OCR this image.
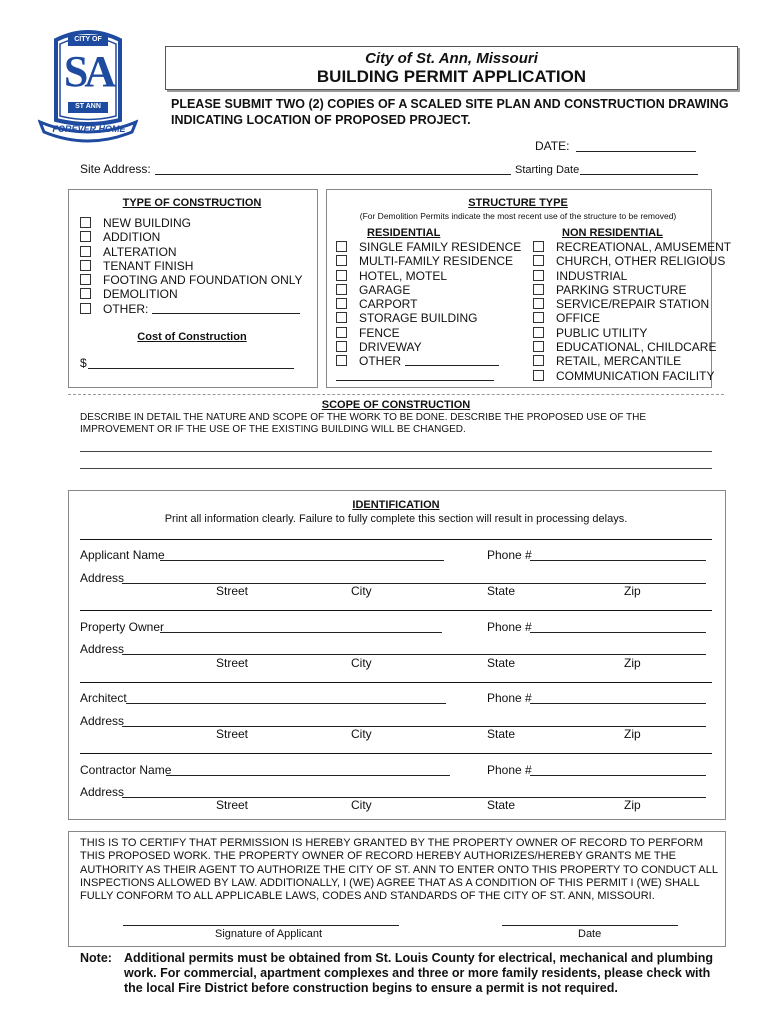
CITY OF
SA
ST ANN
FOREVER HOME
City of St. Ann, Missouri
BUILDING PERMIT APPLICATION
PLEASE SUBMIT TWO (2) COPIES OF A SCALED SITE PLAN AND CONSTRUCTION DRAWING INDICATING LOCATION OF PROPOSED PROJECT.
DATE:
Site Address:	Starting Date
TYPE OF CONSTRUCTION
NEW BUILDING
ADDITION
ALTERATION
TENANT FINISH
FOOTING AND FOUNDATION ONLY
DEMOLITION
OTHER:
Cost of Construction
$
STRUCTURE TYPE
(For Demolition Permits indicate the most recent use of the structure to be removed)
RESIDENTIAL	NON RESIDENTIAL
SINGLE FAMILY RESIDENCE
MULTI-FAMILY RESIDENCE
HOTEL, MOTEL
GARAGE
CARPORT
STORAGE BUILDING
FENCE
DRIVEWAY
OTHER
RECREATIONAL, AMUSEMENT
CHURCH, OTHER RELIGIOUS
INDUSTRIAL
PARKING STRUCTURE
SERVICE/REPAIR STATION
OFFICE
PUBLIC UTILITY
EDUCATIONAL, CHILDCARE
RETAIL, MERCANTILE
COMMUNICATION FACILITY
SCOPE OF CONSTRUCTION
DESCRIBE IN DETAIL THE NATURE AND SCOPE OF THE WORK TO BE DONE. DESCRIBE THE PROPOSED USE OF THE IMPROVEMENT OR IF THE USE OF THE EXISTING BUILDING WILL BE CHANGED.
IDENTIFICATION
Print all information clearly. Failure to fully complete this section will result in processing delays.
Applicant Name	Phone #
Address
Street	City	State	Zip
Property Owner	Phone #
Address
Street	City	State	Zip
Architect	Phone #
Address
Street	City	State	Zip
Contractor Name	Phone #
Address
Street	City	State	Zip
THIS IS TO CERTIFY THAT PERMISSION IS HEREBY GRANTED BY THE PROPERTY OWNER OF RECORD TO PERFORM THIS PROPOSED WORK. THE PROPERTY OWNER OF RECORD HEREBY AUTHORIZES/HEREBY GRANTS ME THE AUTHORITY AS THEIR AGENT TO AUTHORIZE THE CITY OF ST. ANN TO ENTER ONTO THIS PROPERTY TO CONDUCT ALL INSPECTIONS ALLOWED BY LAW. ADDITIONALLY, I (WE) AGREE THAT AS A CONDITION OF THIS PERMIT I (WE) SHALL FULLY CONFORM TO ALL APPLICABLE LAWS, CODES AND STANDARDS OF THE CITY OF ST. ANN, MISSOURI.
Signature of Applicant	Date
Note: Additional permits must be obtained from St. Louis County for electrical, mechanical and plumbing work. For commercial, apartment complexes and three or more family residents, please check with the local Fire District before construction begins to ensure a permit is not required.
